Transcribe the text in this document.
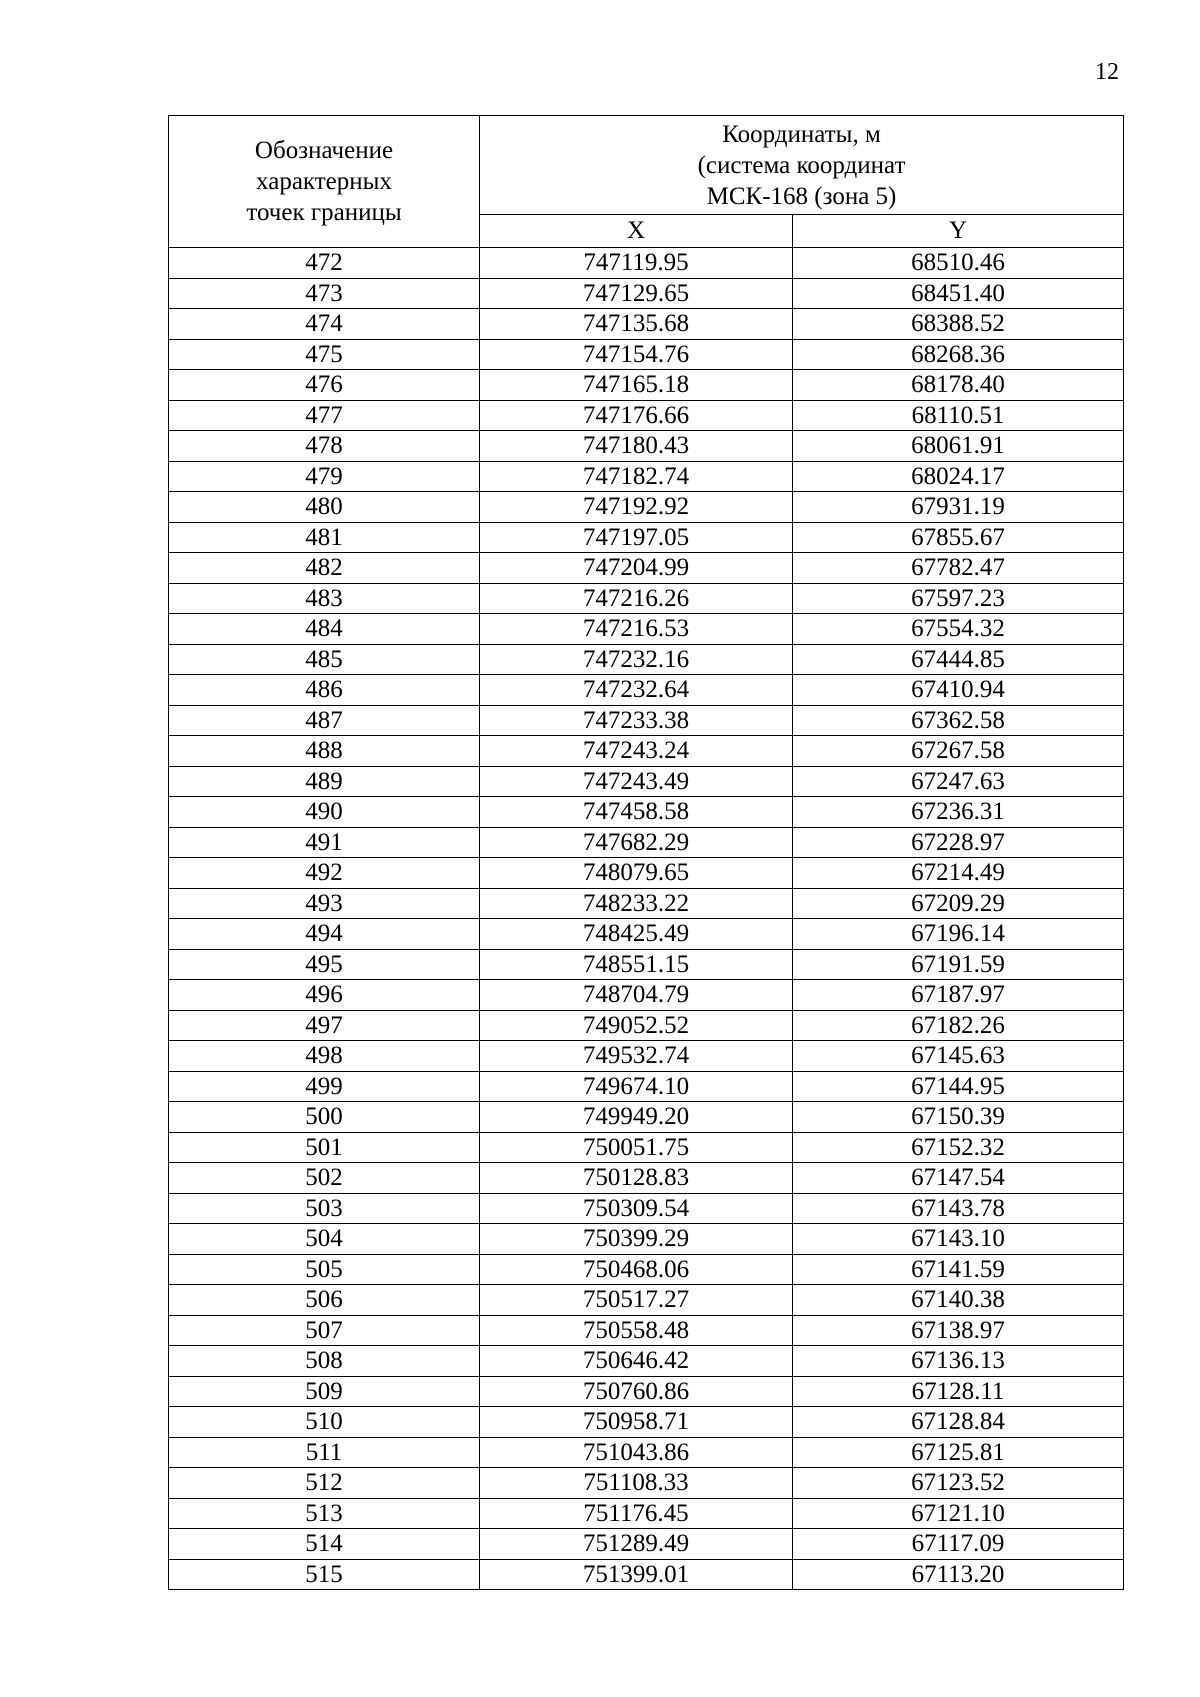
12
Обозначение
характерных
точек границы	Координаты, м
(система координат
МСК-168 (зона 5)	

	X	Y
472	747119.95	68510.46
473	747129.65	68451.40
474	747135.68	68388.52
475	747154.76	68268.36
476	747165.18	68178.40
477	747176.66	68110.51
478	747180.43	68061.91
479	747182.74	68024.17
480	747192.92	67931.19
481	747197.05	67855.67
482	747204.99	67782.47
483	747216.26	67597.23
484	747216.53	67554.32
485	747232.16	67444.85
486	747232.64	67410.94
487	747233.38	67362.58
488	747243.24	67267.58
489	747243.49	67247.63
490	747458.58	67236.31
491	747682.29	67228.97
492	748079.65	67214.49
493	748233.22	67209.29
494	748425.49	67196.14
495	748551.15	67191.59
496	748704.79	67187.97
497	749052.52	67182.26
498	749532.74	67145.63
499	749674.10	67144.95
500	749949.20	67150.39
501	750051.75	67152.32
502	750128.83	67147.54
503	750309.54	67143.78
504	750399.29	67143.10
505	750468.06	67141.59
506	750517.27	67140.38
507	750558.48	67138.97
508	750646.42	67136.13
509	750760.86	67128.11
510	750958.71	67128.84
511	751043.86	67125.81
512	751108.33	67123.52
513	751176.45	67121.10
514	751289.49	67117.09
515	751399.01	67113.20
